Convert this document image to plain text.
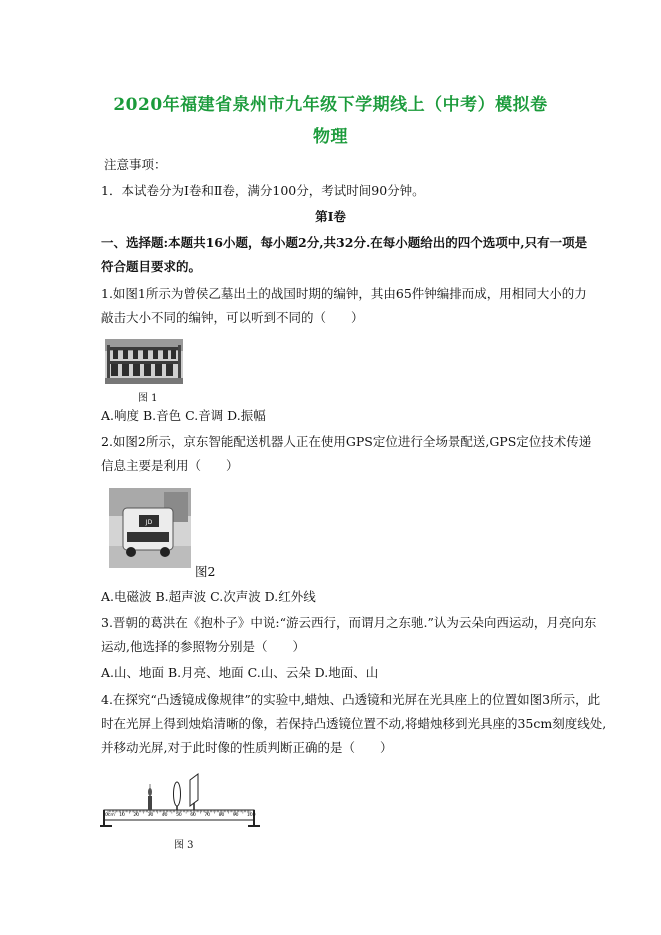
2020年福建省泉州市九年级下学期线上（中考）模拟卷
物理
注意事项：
1．本试卷分为Ⅰ卷和Ⅱ卷，满分100分，考试时间90分钟。
第Ⅰ卷
一、选择题:本题共16小题，每小题2分,共32分.在每小题给出的四个选项中,只有一项是
符合题目要求的。
1.如图1所示为曾侯乙墓出土的战国时期的编钟，其由65件钟编排而成，用相同大小的力
敲击大小不同的编钟，可以听到不同的（　　）
图 1
A.响度 B.音色 C.音调 D.振幅
2.如图2所示，京东智能配送机器人正在使用GPS定位进行全场景配送,GPS定位技术传递
信息主要是利用（　　）
JD
图2
A.电磁波 B.超声波 C.次声波 D.红外线
3.晋朝的葛洪在《抱朴子》中说:“游云西行，而谓月之东驰.”认为云朵向西运动，月亮向东
运动,他选择的参照物分别是（　　）
A.山、地面 B.月亮、地面 C.山、云朵 D.地面、山
4.在探究“凸透镜成像规律”的实验中,蜡烛、凸透镜和光屏在光具座上的位置如图3所示，此
时在光屏上得到烛焰清晰的像，若保持凸透镜位置不动,将蜡烛移到光具座的35cm刻度线处,
并移动光屏,对于此时像的性质判断正确的是（　　）
0cm 10 20 30 40 50 60 70 80 90 100
图 3
